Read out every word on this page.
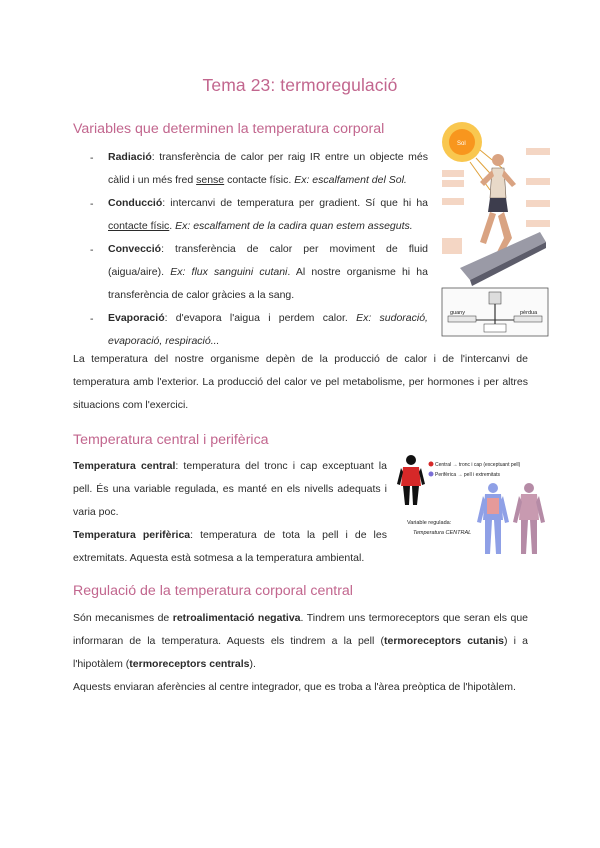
Tema 23: termoregulació
Variables que determinen la temperatura corporal
- Radiació: transferència de calor per raig IR entre un objecte més càlid i un més fred sense contacte físic. Ex: escalfament del Sol.
- Conducció: intercanvi de temperatura per gradient. Sí que hi ha contacte físic. Ex: escalfament de la cadira quan estem asseguts.
- Convecció: transferència de calor per moviment de fluid (aigua/aire). Ex: flux sanguini cutani. Al nostre organisme hi ha transferència de calor gràcies a la sang.
- Evaporació: d'evapora l'aigua i perdem calor. Ex: sudoració, evaporació, respiració...
La temperatura del nostre organisme depèn de la producció de calor i de l'intercanvi de temperatura amb l'exterior. La producció del calor ve pel metabolisme, per hormones i per altres situacions com l'exercici.
Sol
guany	pèrdua
Temperatura central i perifèrica
Temperatura central: temperatura del tronc i cap exceptuant la pell. És una variable regulada, es manté en els nivells adequats i varia poc.
Temperatura perifèrica: temperatura de tota la pell i de les extremitats. Aquesta està sotmesa a la temperatura ambiental.
Central → tronc i cap (exceptuant pell)
Perifèrica → pell i extremitats
Variable regulada:
Temperatura CENTRAL
Regulació de la temperatura corporal central
Són mecanismes de retroalimentació negativa. Tindrem uns termoreceptors que seran els que informaran de la temperatura. Aquests els tindrem a la pell (termoreceptors cutanis) i a l'hipotàlem (termoreceptors centrals).
Aquests enviaran aferències al centre integrador, que es troba a l'àrea preòptica de l'hipotàlem.
